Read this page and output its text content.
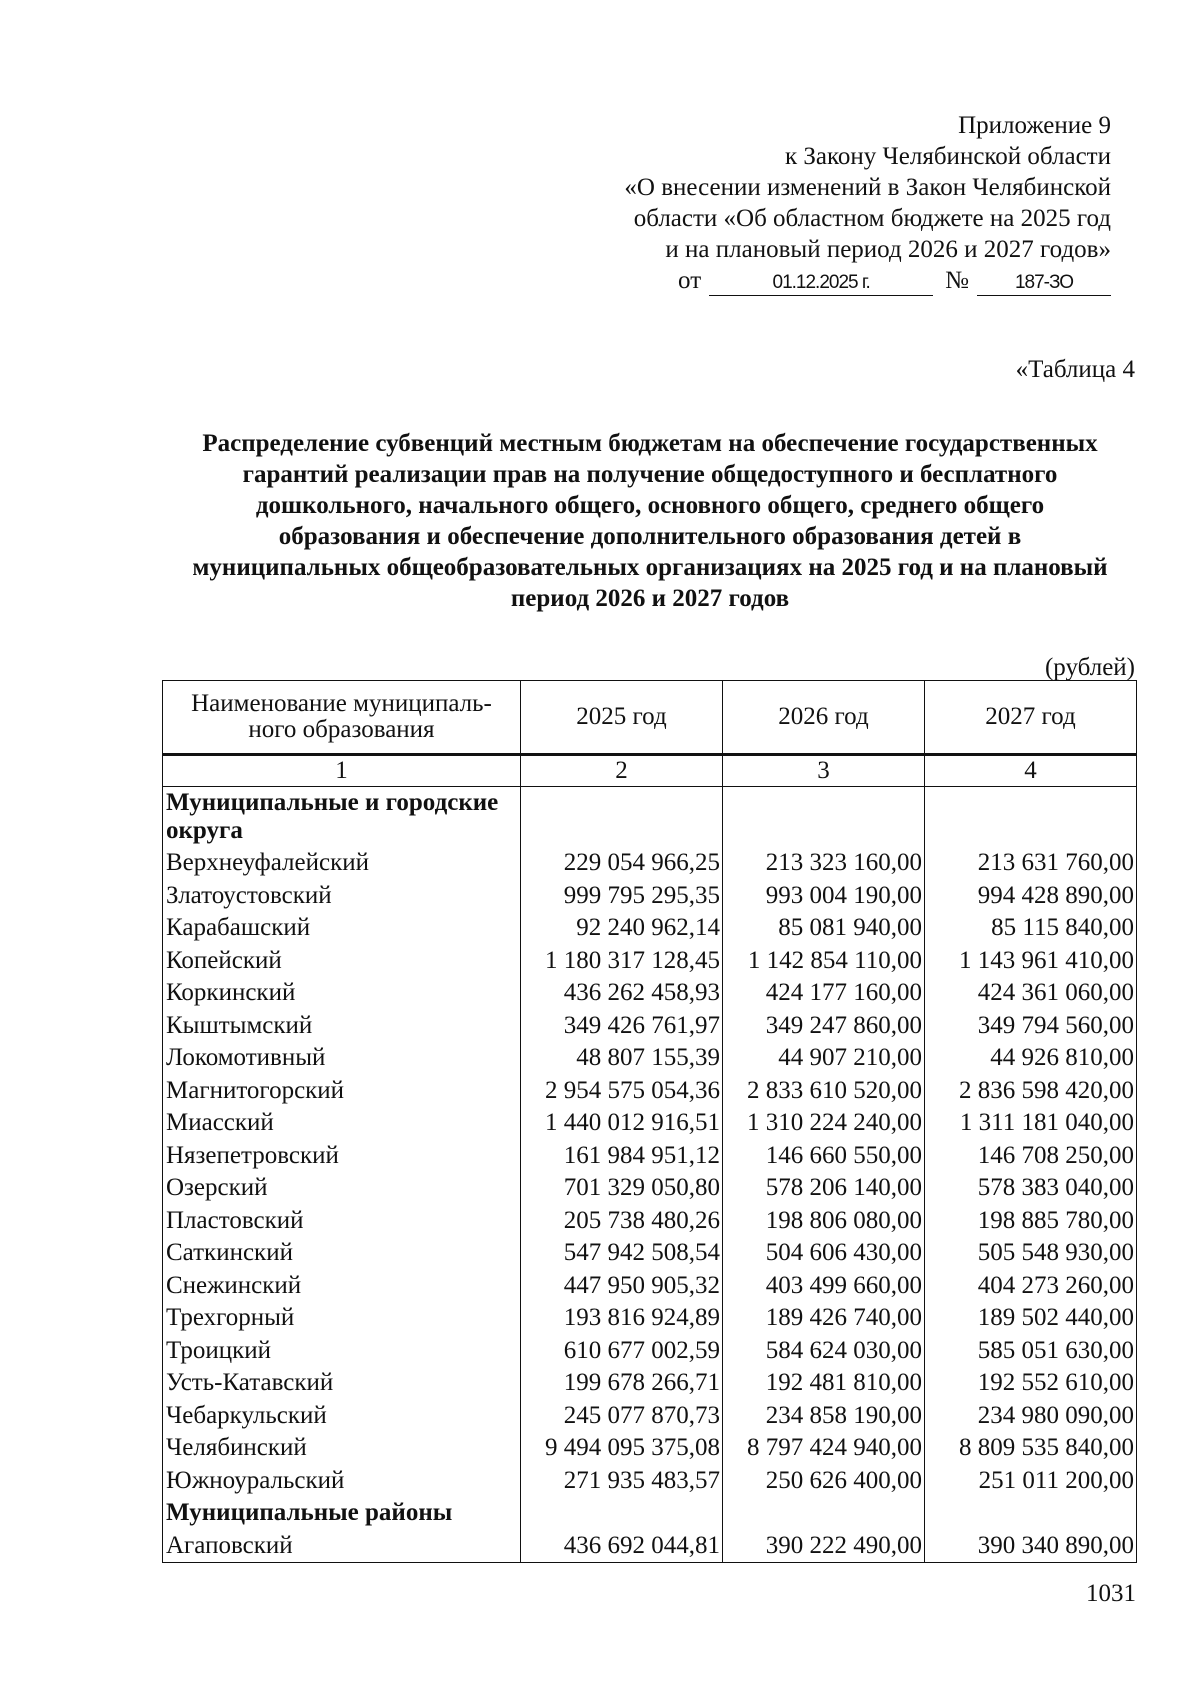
Приложение 9
к Закону Челябинской области
«О внесении изменений в Закон Челябинской
области «Об областном бюджете на 2025 год
и на плановый период 2026 и 2027 годов»
от	01.12.2025 г.	№	187-ЗО
«Таблица 4
Распределение субвенций местным бюджетам на обеспечение государственных
гарантий реализации прав на получение общедоступного и бесплатного
дошкольного, начального общего, основного общего, среднего общего
образования и обеспечение дополнительного образования детей в
муниципальных общеобразовательных организациях на 2025 год и на плановый
период 2026 и 2027 годов
(рублей)
Наименование муниципаль-
ного образования	2025 год	2026 год	2027 год
1	2	3	4
Муниципальные и городские округа			
Верхнеуфалейский	229 054 966,25	213 323 160,00	213 631 760,00
Златоустовский	999 795 295,35	993 004 190,00	994 428 890,00
Карабашский	92 240 962,14	85 081 940,00	85 115 840,00
Копейский	1 180 317 128,45	1 142 854 110,00	1 143 961 410,00
Коркинский	436 262 458,93	424 177 160,00	424 361 060,00
Кыштымский	349 426 761,97	349 247 860,00	349 794 560,00
Локомотивный	48 807 155,39	44 907 210,00	44 926 810,00
Магнитогорский	2 954 575 054,36	2 833 610 520,00	2 836 598 420,00
Миасский	1 440 012 916,51	1 310 224 240,00	1 311 181 040,00
Нязепетровский	161 984 951,12	146 660 550,00	146 708 250,00
Озерский	701 329 050,80	578 206 140,00	578 383 040,00
Пластовский	205 738 480,26	198 806 080,00	198 885 780,00
Саткинский	547 942 508,54	504 606 430,00	505 548 930,00
Снежинский	447 950 905,32	403 499 660,00	404 273 260,00
Трехгорный	193 816 924,89	189 426 740,00	189 502 440,00
Троицкий	610 677 002,59	584 624 030,00	585 051 630,00
Усть-Катавский	199 678 266,71	192 481 810,00	192 552 610,00
Чебаркульский	245 077 870,73	234 858 190,00	234 980 090,00
Челябинский	9 494 095 375,08	8 797 424 940,00	8 809 535 840,00
Южноуральский	271 935 483,57	250 626 400,00	251 011 200,00
Муниципальные районы			
Агаповский	436 692 044,81	390 222 490,00	390 340 890,00
1031
